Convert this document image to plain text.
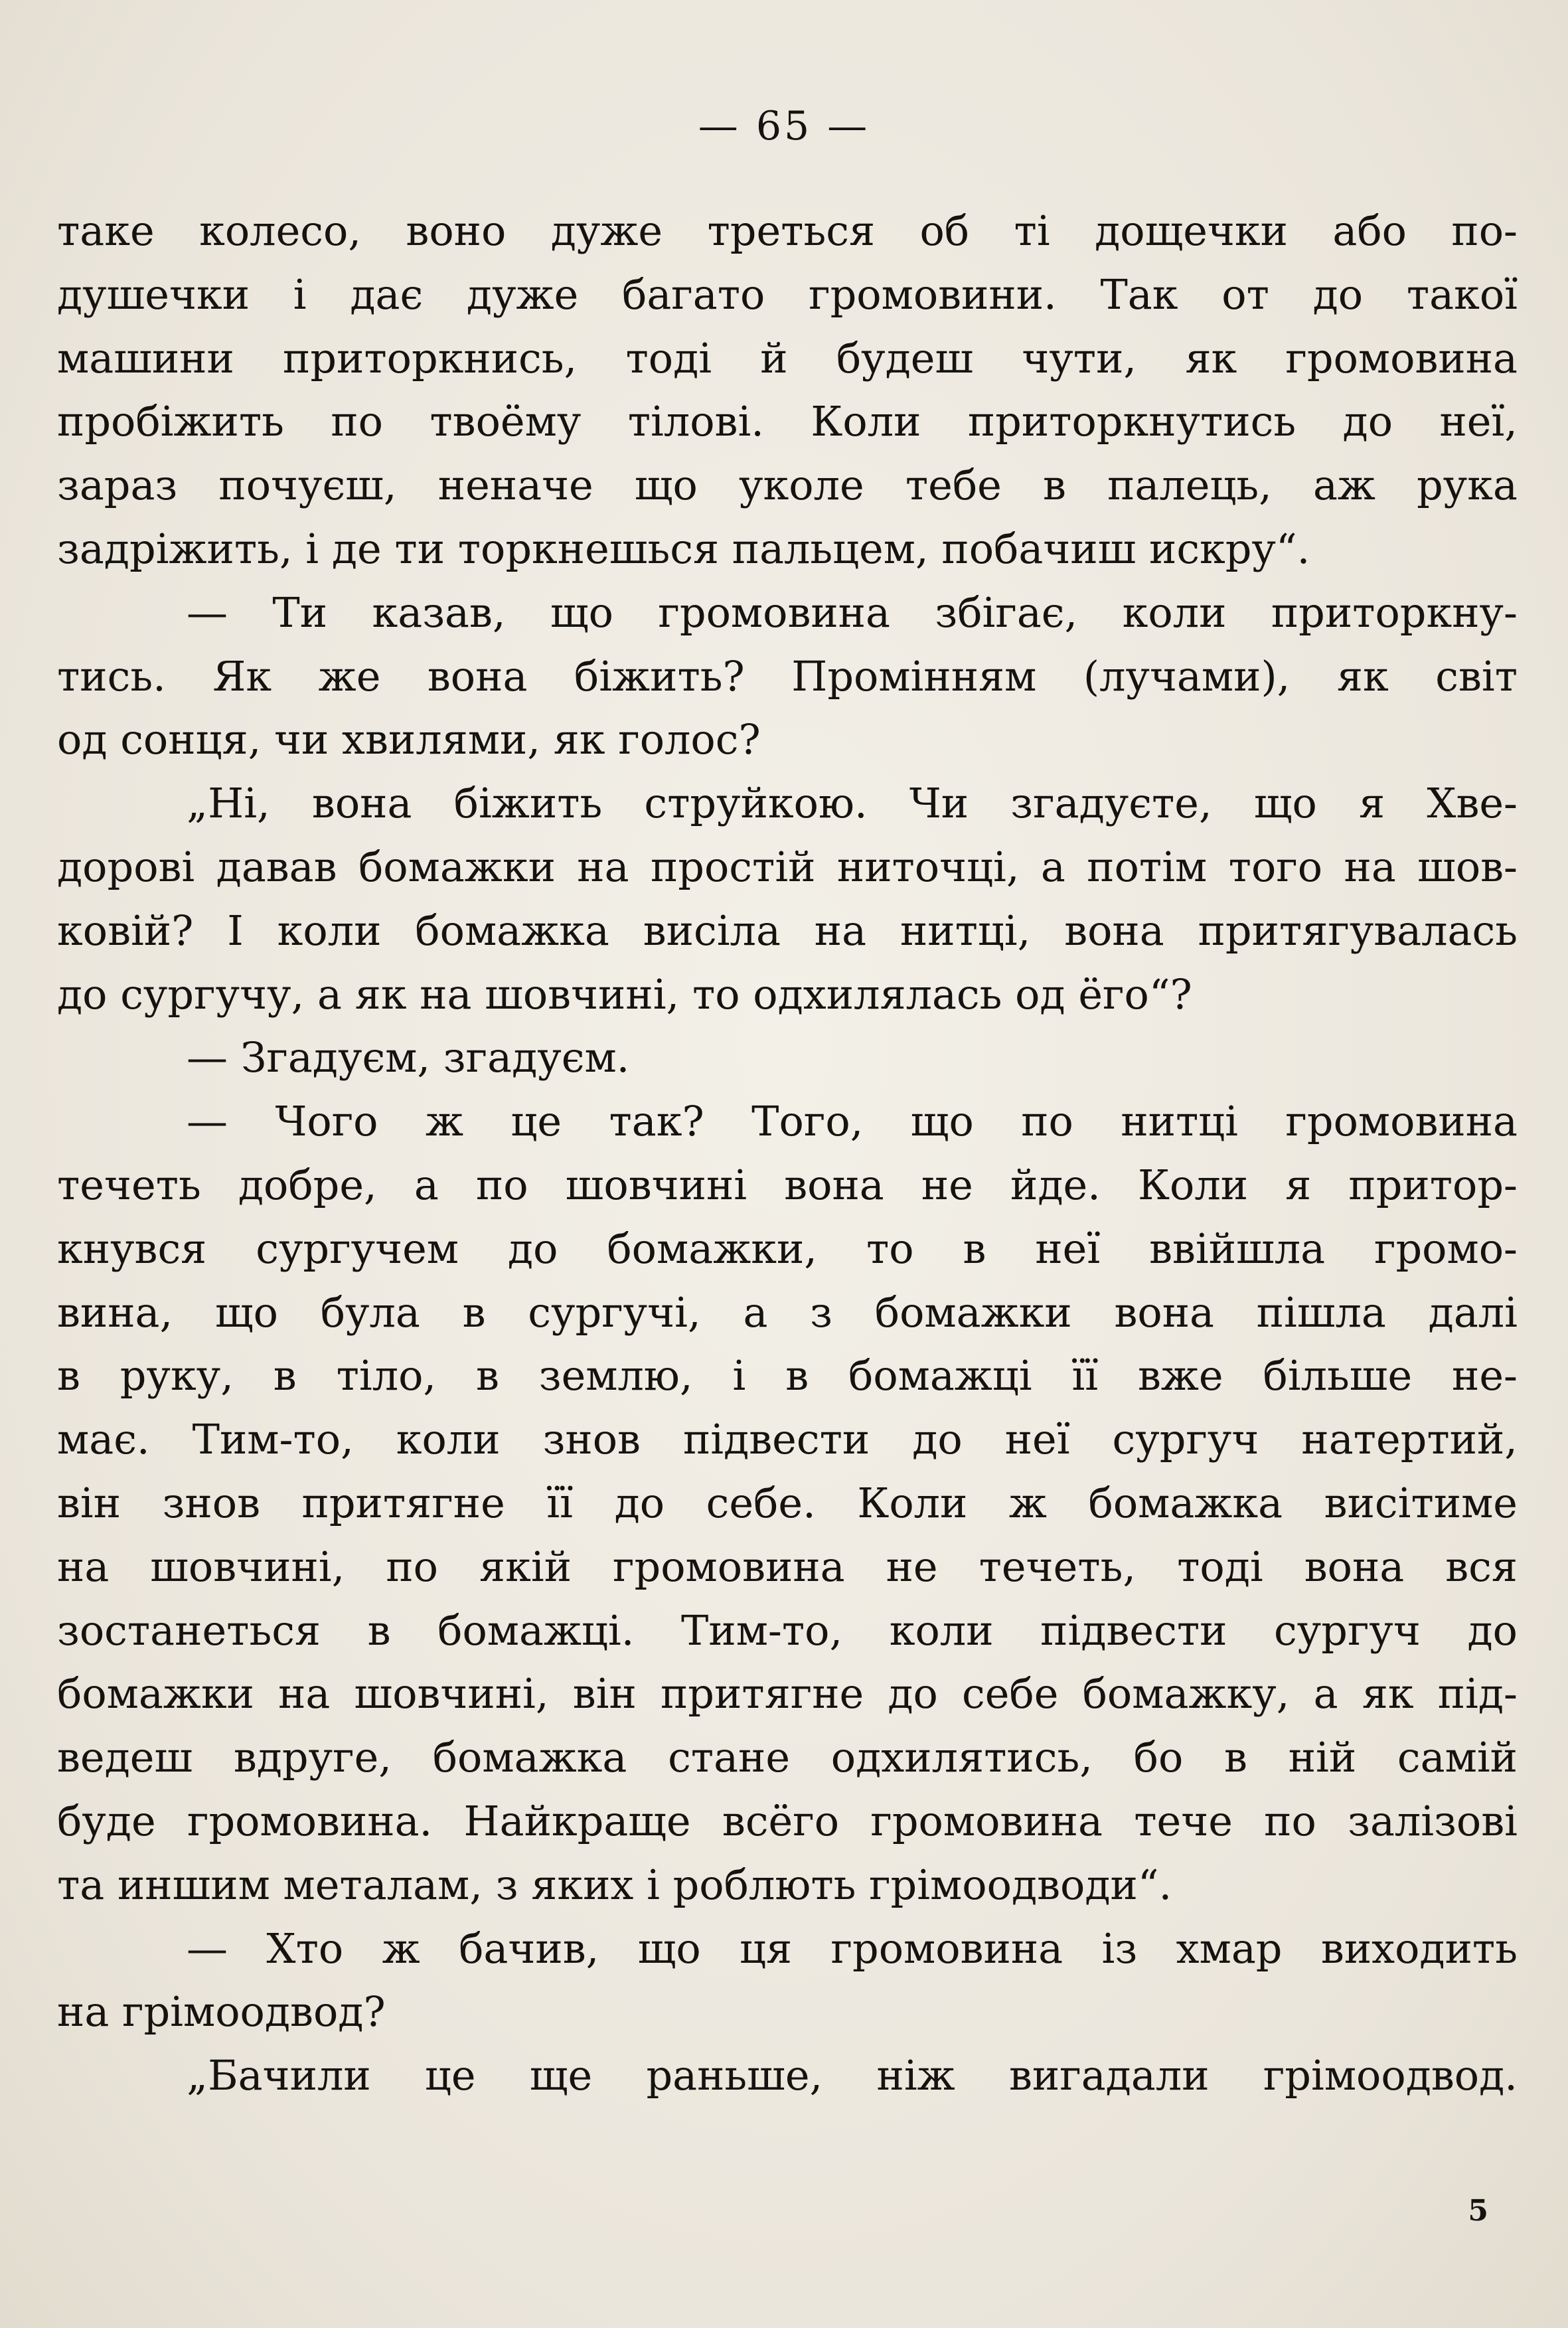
— 65 —
таке колесо, воно дуже треться об ті дощечки або по-
душечки і дає дуже багато громовини. Так от до такої
машини приторкнись, тоді й будеш чути, як громовина
пробіжить по твоёму тілові. Коли приторкнутись до неї,
зараз почуєш, неначе що уколе тебе в палець, аж рука
задріжить, і де ти торкнешься пальцем, побачиш искру“.
— Ти казав, що громовина збігає, коли приторкну-
тись. Як же вона біжить? Промінням (лучами), як світ
од сонця, чи хвилями, як голос?
„Ні, вона біжить струйкою. Чи згадуєте, що я Хве-
дорові давав бомажки на простій ниточці, а потім того на шов-
ковій? І коли бомажка висіла на нитці, вона притягувалась
до сургучу, а як на шовчині, то одхилялась од ёго“?
— Згадуєм, згадуєм.
— Чого ж це так? Того, що по нитці громовина
течеть добре, а по шовчині вона не йде. Коли я притор-
кнувся сургучем до бомажки, то в неї ввійшла громо-
вина, що була в сургучі, а з бомажки вона пішла далі
в руку, в тіло, в землю, і в бомажці її вже більше не-
має. Тим-то, коли знов підвести до неї сургуч натертий,
він знов притягне її до себе. Коли ж бомажка висітиме
на шовчині, по якій громовина не течеть, тоді вона вся
зостанеться в бомажці. Тим-то, коли підвести сургуч до
бомажки на шовчині, він притягне до себе бомажку, а як під-
ведеш вдруге, бомажка стане одхилятись, бо в ній самій
буде громовина. Найкраще всёго громовина тече по залізові
та иншим металам, з яких і роблють грімоодводи“.
— Хто ж бачив, що ця громовина із хмар виходить
на грімоодвод?
„Бачили це ще раньше, ніж вигадали грімоодвод.
5
